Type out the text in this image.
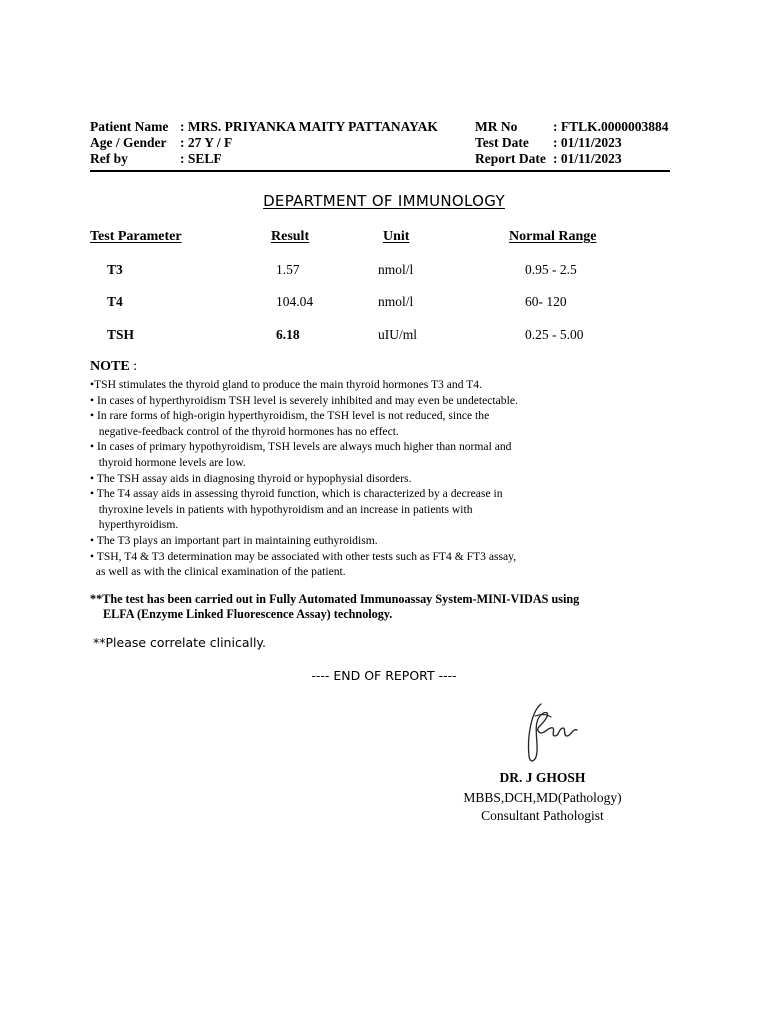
Patient Name : MRS. PRIYANKA MAITY PATTANAYAK
Age / Gender : 27 Y / F
Ref by	: SELF
MR No	: FTLK.0000003884
Test Date : 01/11/2023
Report Date : 01/11/2023
DEPARTMENT OF IMMUNOLOGY
Test Parameter	Result	Unit	Normal Range
T3	1.57	nmol/l	0.95 - 2.5
T4	104.04	nmol/l	60- 120
TSH	6.18	uIU/ml	0.25 - 5.00
NOTE :
•TSH stimulates the thyroid gland to produce the main thyroid hormones T3 and T4.
• In cases of hyperthyroidism TSH level is severely inhibited and may even be undetectable.
• In rare forms of high-origin hyperthyroidism, the TSH level is not reduced, since the
negative-feedback control of the thyroid hormones has no effect.
• In cases of primary hypothyroidism, TSH levels are always much higher than normal and
thyroid hormone levels are low.
• The TSH assay aids in diagnosing thyroid or hypophysial disorders.
• The T4 assay aids in assessing thyroid function, which is characterized by a decrease in
thyroxine levels in patients with hypothyroidism and an increase in patients with
hyperthyroidism.
• The T3 plays an important part in maintaining euthyroidism.
• TSH, T4 & T3 determination may be associated with other tests such as FT4 & FT3 assay,
as well as with the clinical examination of the patient.
**The test has been carried out in Fully Automated Immunoassay System-MINI-VIDAS using
ELFA (Enzyme Linked Fluorescence Assay) technology.
**Please correlate clinically.
---- END OF REPORT ----
DR. J GHOSH
MBBS,DCH,MD(Pathology)
Consultant Pathologist
